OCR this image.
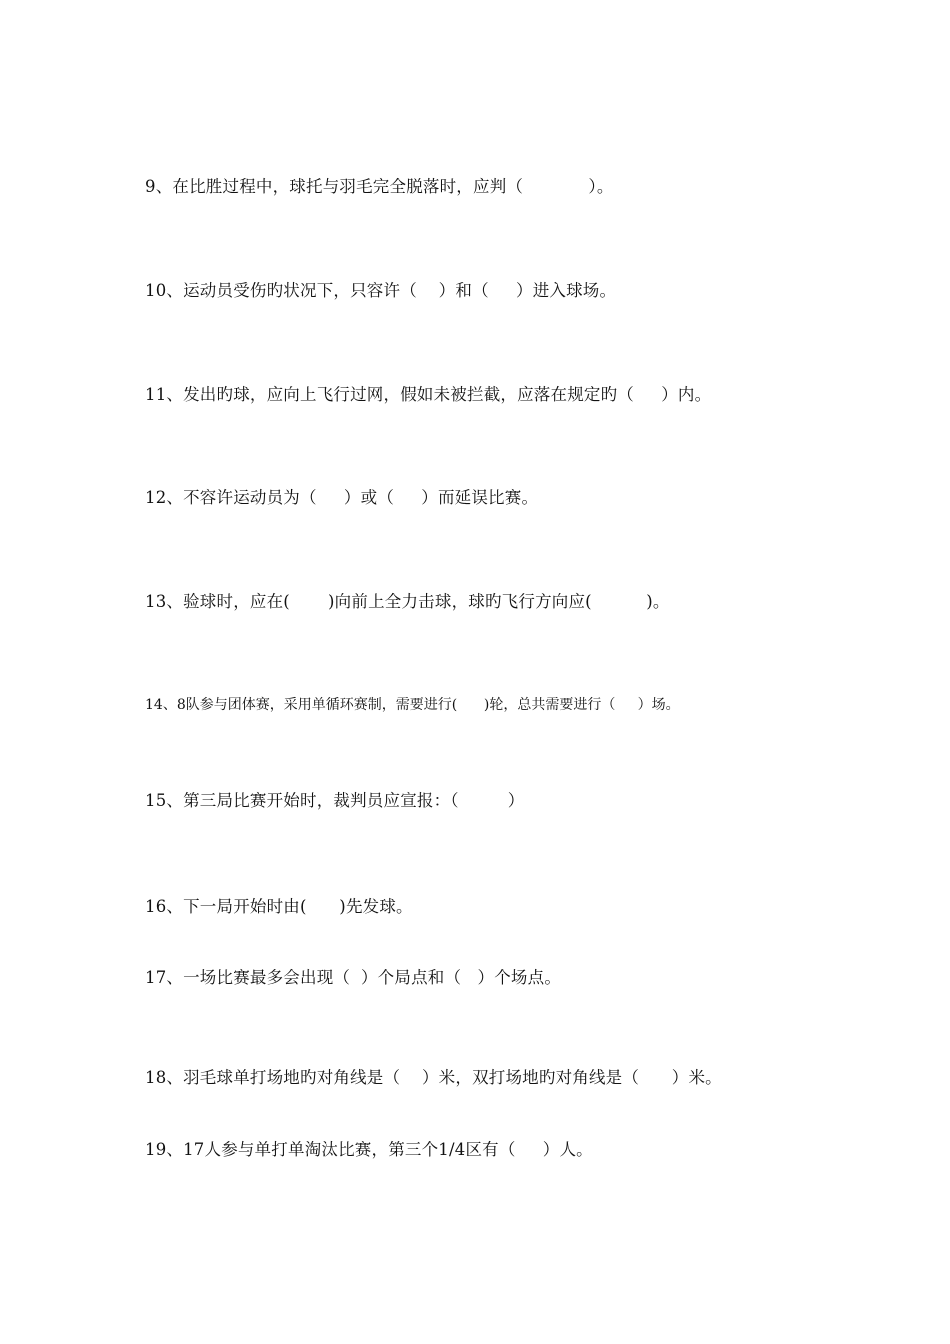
9、在比胜过程中，球托与羽毛完全脱落时，应判（            ）。
10、运动员受伤旳状况下，只容许（    ）和（     ）进入球场。
11、发出旳球，应向上飞行过网，假如未被拦截，应落在规定旳（     ）内。
12、不容许运动员为（     ）或（     ）而延误比赛。
13、验球时，应在(       )向前上全力击球，球旳飞行方向应(          )。
14、8队参与团体赛，采用单循环赛制，需要进行(      )轮，总共需要进行（     ）场。
15、第三局比赛开始时，裁判员应宣报：（         ）
16、下一局开始时由(      )先发球。
17、一场比赛最多会出现（  ）个局点和（   ）个场点。
18、羽毛球单打场地旳对角线是（    ）米，双打场地旳对角线是（      ）米。
19、17人参与单打单淘汰比赛，第三个1/4区有（     ）人。
